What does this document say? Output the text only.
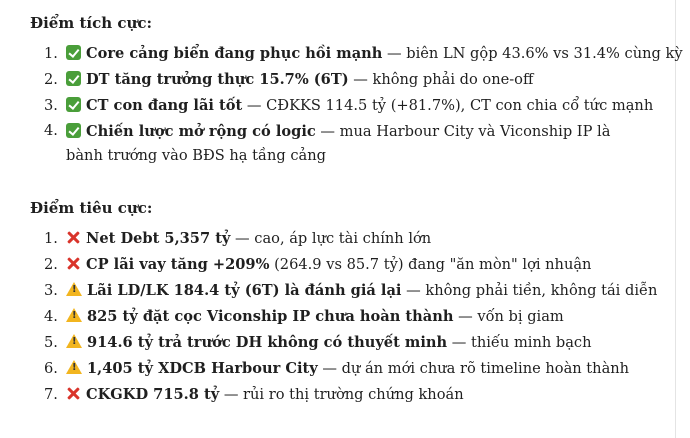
Điểm tích cực:
1. Core cảng biển đang phục hồi mạnh — biên LN gộp 43.6% vs 31.4% cùng kỳ
2. DT tăng trưởng thực 15.7% (6T) — không phải do one-off
3. CT con đang lãi tốt — CĐKKS 114.5 tỷ (+81.7%), CT con chia cổ tức mạnh
4. Chiến lược mở rộng có logic — mua Harbour City và Viconship IP là bành trướng vào BĐS hạ tầng cảng
Điểm tiêu cực:
1. Net Debt 5,357 tỷ — cao, áp lực tài chính lớn
2. CP lãi vay tăng +209% (264.9 vs 85.7 tỷ) đang "ăn mòn" lợi nhuận
3. ! Lãi LD/LK 184.4 tỷ (6T) là đánh giá lại — không phải tiền, không tái diễn
4. ! 825 tỷ đặt cọc Viconship IP chưa hoàn thành — vốn bị giam
5. ! 914.6 tỷ trả trước DH không có thuyết minh — thiếu minh bạch
6. ! 1,405 tỷ XDCB Harbour City — dự án mới chưa rõ timeline hoàn thành
7. CKGKD 715.8 tỷ — rủi ro thị trường chứng khoán
